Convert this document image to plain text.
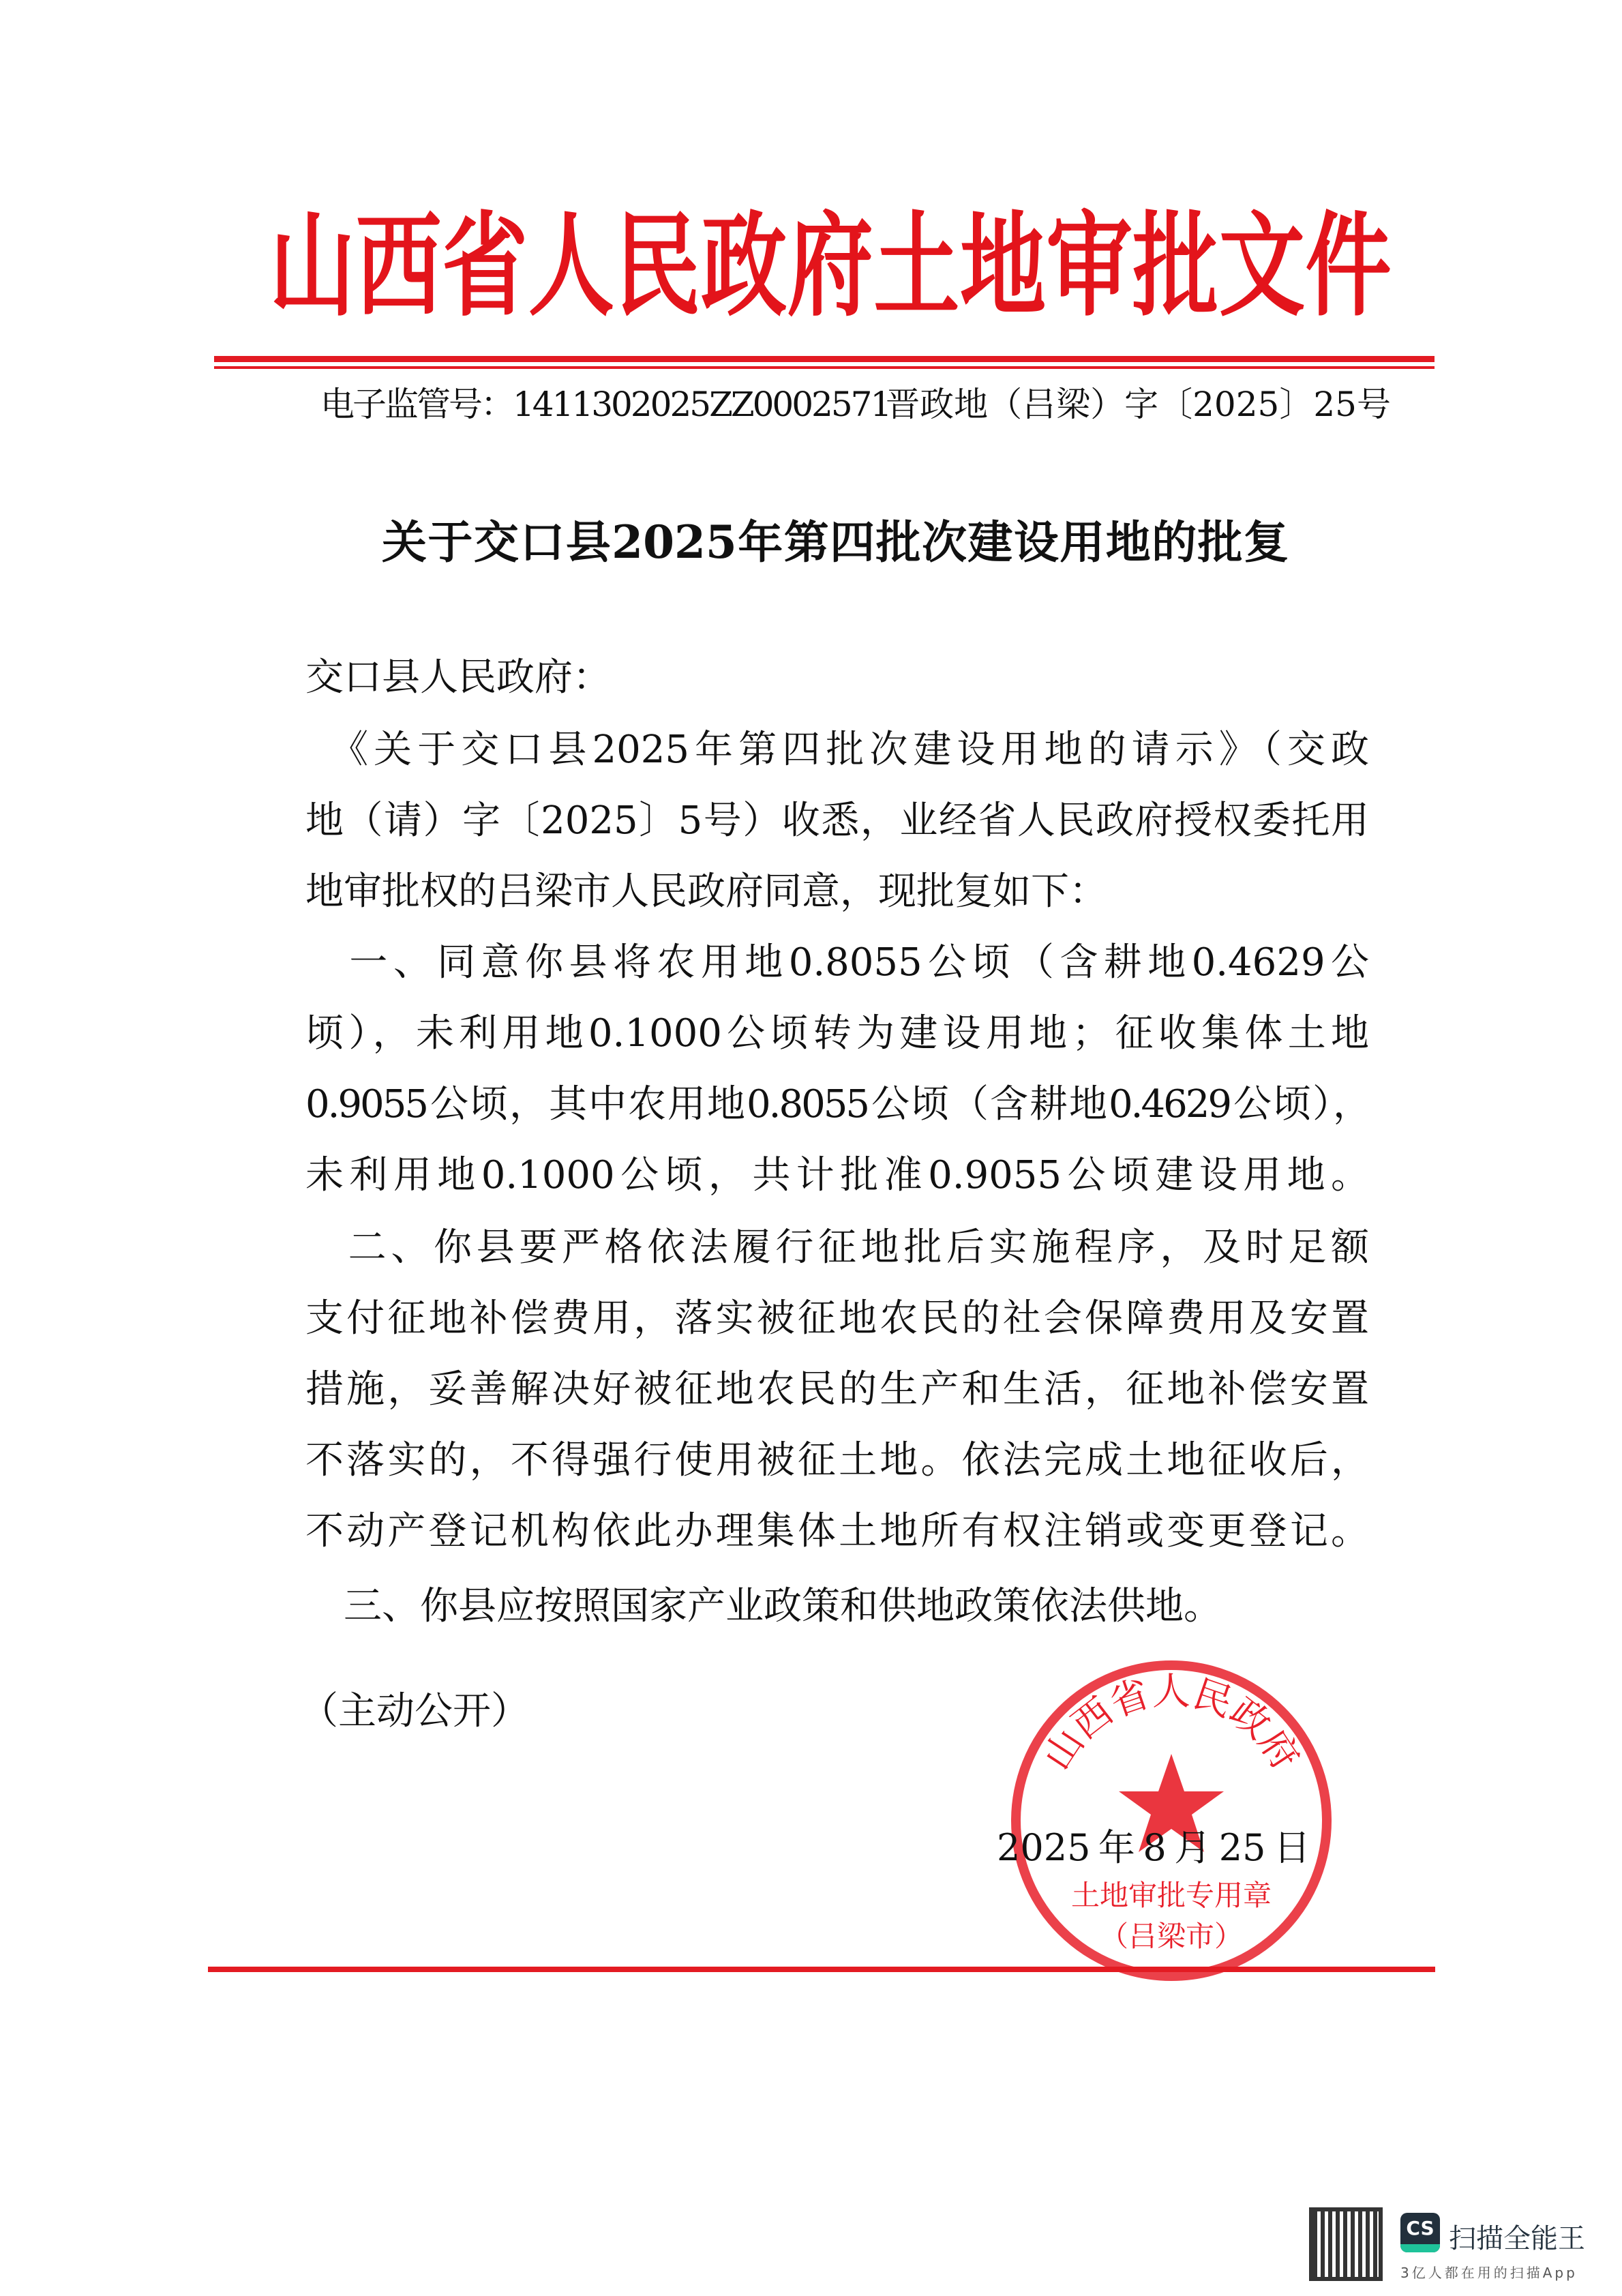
山西省人民政府土地审批文件
电子监管号：1411302025ZZ0002571
晋政地（吕梁）字〔2025〕25号
关于交口县2025年第四批次建设用地的批复
交口县人民政府：
　《关于交口县2025年第四批次建设用地的请示》（交政
地（请）字〔2025〕5号）收悉，业经省人民政府授权委托用
地审批权的吕梁市人民政府同意，现批复如下：
　一、同意你县将农用地0.8055公顷（含耕地0.4629公
顷），未利用地0.1000公顷转为建设用地；征收集体土地
0.9055公顷，其中农用地0.8055公顷（含耕地0.4629公顷），
未利用地0.1000公顷，共计批准0.9055公顷建设用地。
　二、你县要严格依法履行征地批后实施程序，及时足额
支付征地补偿费用，落实被征地农民的社会保障费用及安置
措施，妥善解决好被征地农民的生产和生活，征地补偿安置
不落实的，不得强行使用被征土地。依法完成土地征收后，
不动产登记机构依此办理集体土地所有权注销或变更登记。
　三、你县应按照国家产业政策和供地政策依法供地。
（主动公开）
山西省人民政府
土地审批专用章
（吕梁市）
2025年8月25日
CS 扫描全能王
3亿人都在用的扫描App
